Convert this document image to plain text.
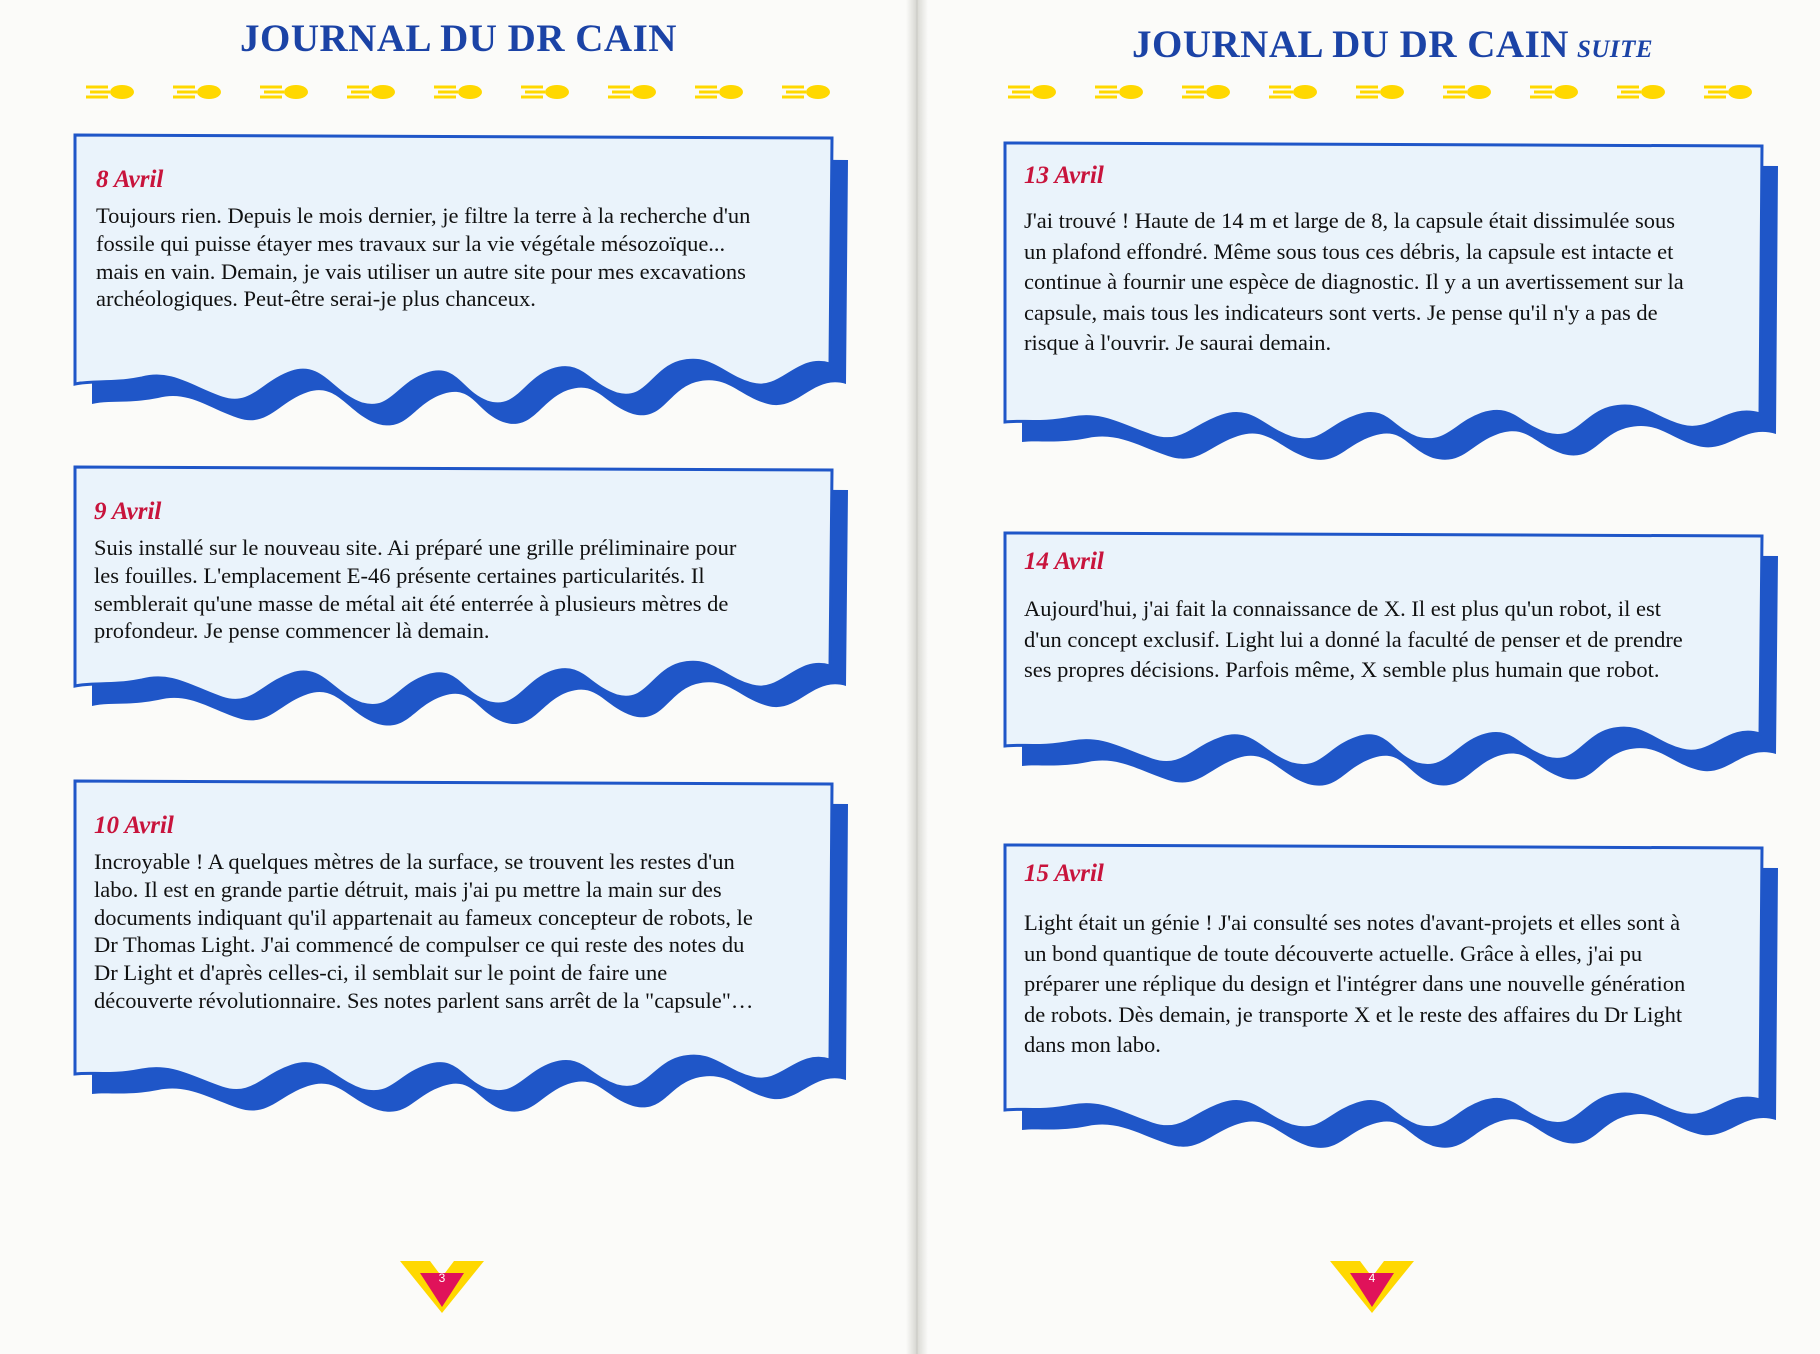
JOURNAL DU DR CAIN
8 Avril
Toujours rien. Depuis le mois dernier, je filtre la terre à la recherche d'un fossile qui puisse étayer mes travaux sur la vie végétale mésozoïque... mais en vain. Demain, je vais utiliser un autre site pour mes excavations archéologiques. Peut-être serai-je plus chanceux.
9 Avril
Suis installé sur le nouveau site. Ai préparé une grille préliminaire pour les fouilles. L'emplacement E-46 présente certaines particularités. Il semblerait qu'une masse de métal ait été enterrée à plusieurs mètres de profondeur. Je pense commencer là demain.
10 Avril
Incroyable ! A quelques mètres de la surface, se trouvent les restes d'un labo. Il est en grande partie détruit, mais j'ai pu mettre la main sur des documents indiquant qu'il appartenait au fameux concepteur de robots, le Dr Thomas Light. J'ai commencé de compulser ce qui reste des notes du Dr Light et d'après celles-ci, il semblait sur le point de faire une découverte révolutionnaire. Ses notes parlent sans arrêt de la "capsule"…
3
JOURNAL DU DR CAIN SUITE
13 Avril
J'ai trouvé ! Haute de 14 m et large de 8, la capsule était dissimulée sous un plafond effondré. Même sous tous ces débris, la capsule est intacte et continue à fournir une espèce de diagnostic. Il y a un avertissement sur la capsule, mais tous les indicateurs sont verts. Je pense qu'il n'y a pas de risque à l'ouvrir. Je saurai demain.
14 Avril
Aujourd'hui, j'ai fait la connaissance de X. Il est plus qu'un robot, il est d'un concept exclusif. Light lui a donné la faculté de penser et de prendre ses propres décisions. Parfois même, X semble plus humain que robot.
15 Avril
Light était un génie ! J'ai consulté ses notes d'avant-projets et elles sont à un bond quantique de toute découverte actuelle. Grâce à elles, j'ai pu préparer une réplique du design et l'intégrer dans une nouvelle génération de robots. Dès demain, je transporte X et le reste des affaires du Dr Light dans mon labo.
4
